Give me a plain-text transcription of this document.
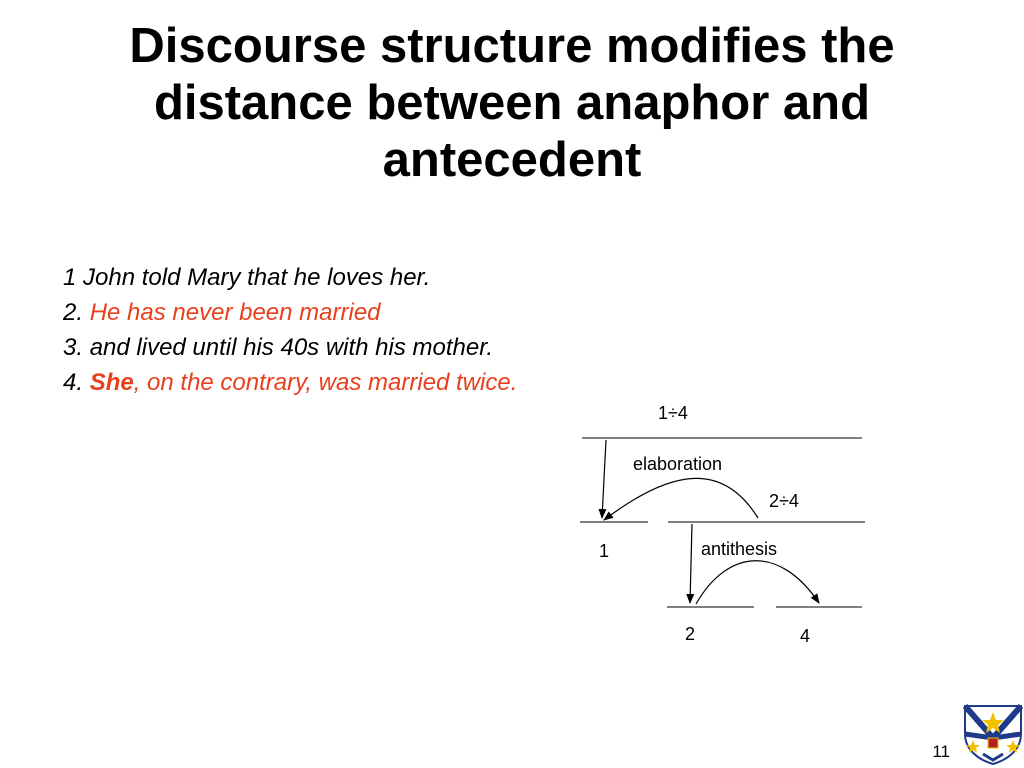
Discourse structure modifies the
distance between anaphor and
antecedent
1 John told Mary that he loves her.
2. He has never been married
3. and lived until his 40s with his mother.
4. She, on the contrary, was married twice.
1÷4
elaboration
2÷4
antithesis
1
2	4
11
